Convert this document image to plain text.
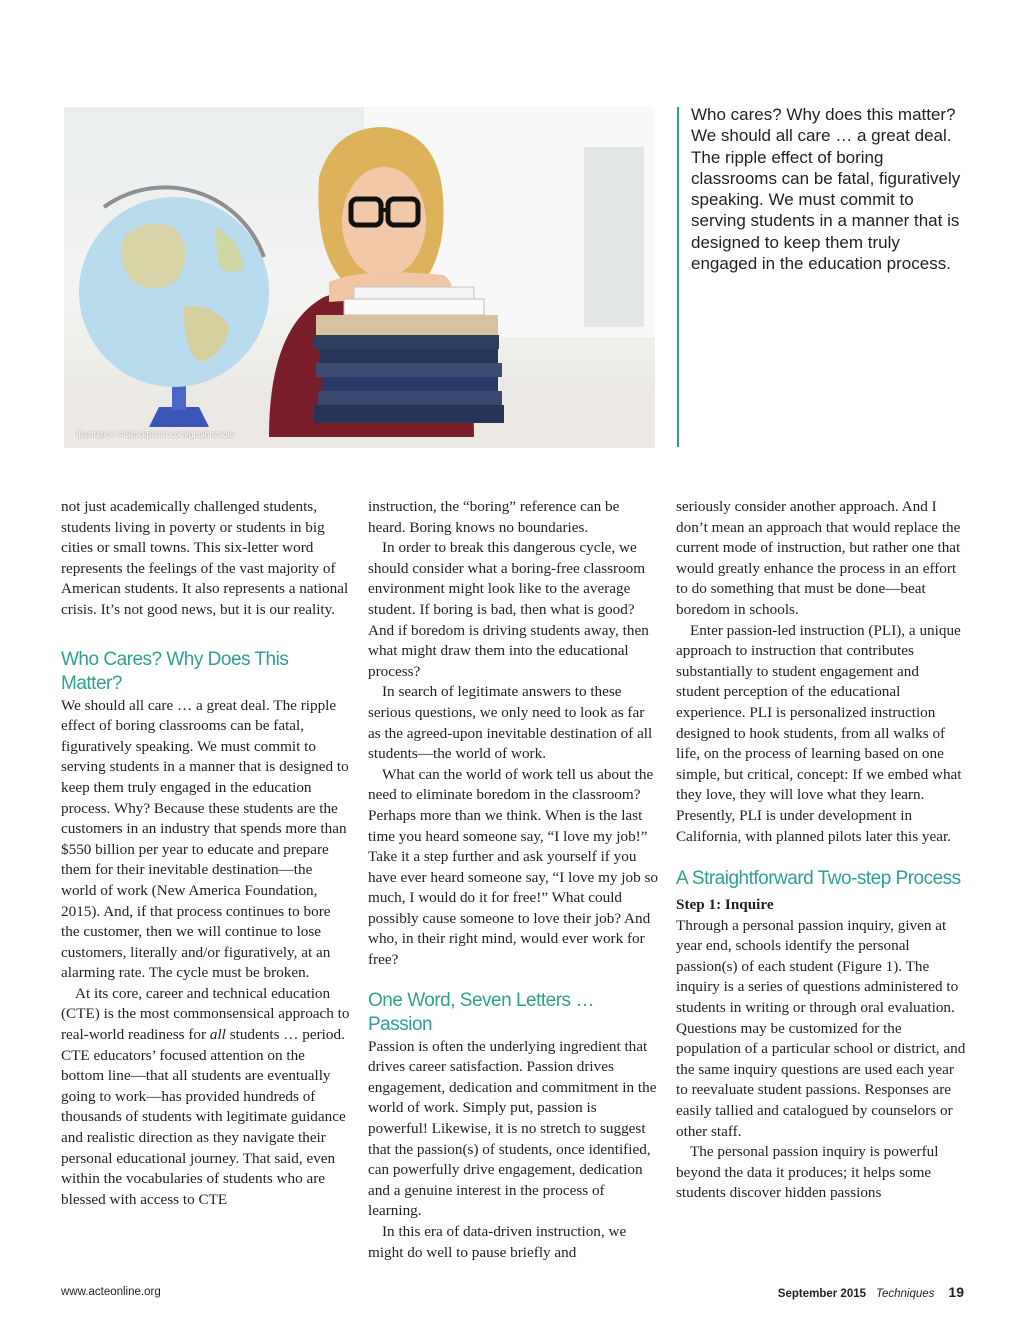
Illustration ©iStockphoto.com/gpointstudio
Who cares? Why does this matter? We should all care … a great deal. The ripple effect of boring classrooms can be fatal, figuratively speaking. We must commit to serving students in a manner that is designed to keep them truly engaged in the education process.

not just academically challenged students, students living in poverty or students in big cities or small towns. This six-letter word represents the feelings of the vast majority of American students. It also represents a national crisis. It’s not good news, but it is our reality.

Who Cares? Why Does This Matter?

We should all care … a great deal. The ripple effect of boring classrooms can be fatal, figuratively speaking. We must commit to serving students in a manner that is designed to keep them truly engaged in the education process. Why? Because these students are the customers in an industry that spends more than $550 billion per year to educate and prepare them for their inevitable destination—the world of work (New America Foundation, 2015). And, if that process continues to bore the customer, then we will continue to lose customers, literally and/or figuratively, at an alarming rate. The cycle must be broken.

At its core, career and technical education (CTE) is the most commonsensical approach to real-world readiness for all students … period. CTE educators’ focused attention on the bottom line—that all students are eventually going to work—has provided hundreds of thousands of students with legitimate guidance and realistic direction as they navigate their personal educational journey. That said, even within the vocabularies of students who are blessed with access to CTE

instruction, the “boring” reference can be heard. Boring knows no boundaries.

In order to break this dangerous cycle, we should consider what a boring-free classroom environment might look like to the average student. If boring is bad, then what is good? And if boredom is driving students away, then what might draw them into the educational process?

In search of legitimate answers to these serious questions, we only need to look as far as the agreed-upon inevitable destination of all students—the world of work.

What can the world of work tell us about the need to eliminate boredom in the classroom? Perhaps more than we think. When is the last time you heard someone say, “I love my job!” Take it a step further and ask yourself if you have ever heard someone say, “I love my job so much, I would do it for free!” What could possibly cause someone to love their job? And who, in their right mind, would ever work for free?

One Word, Seven Letters … Passion

Passion is often the underlying ingredient that drives career satisfaction. Passion drives engagement, dedication and commitment in the world of work. Simply put, passion is powerful! Likewise, it is no stretch to suggest that the passion(s) of students, once identified, can powerfully drive engagement, dedication and a genuine interest in the process of learning.

In this era of data-driven instruction, we might do well to pause briefly and

seriously consider another approach. And I don’t mean an approach that would replace the current mode of instruction, but rather one that would greatly enhance the process in an effort to do something that must be done—beat boredom in schools.

Enter passion-led instruction (PLI), a unique approach to instruction that contributes substantially to student engagement and student perception of the educational experience. PLI is personalized instruction designed to hook students, from all walks of life, on the process of learning based on one simple, but critical, concept: If we embed what they love, they will love what they learn. Presently, PLI is under development in California, with planned pilots later this year.

A Straightforward Two-step Process
Step 1: Inquire

Through a personal passion inquiry, given at year end, schools identify the personal passion(s) of each student (Figure 1). The inquiry is a series of questions administered to students in writing or through oral evaluation. Questions may be customized for the population of a particular school or district, and the same inquiry questions are used each year to reevaluate student passions. Responses are easily tallied and catalogued by counselors or other staff.

The personal passion inquiry is powerful beyond the data it produces; it helps some students discover hidden passions

www.acteonline.org	September 2015 Techniques 19
